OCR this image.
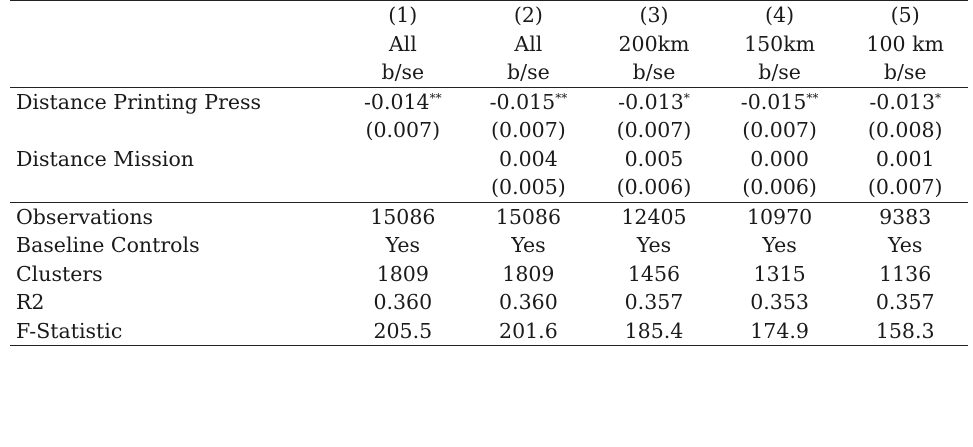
	(1)	(2)	(3)	(4)	(5)
	All	All	200km	150km	100 km
	b/se	b/se	b/se	b/se	b/se
Distance Printing Press	-0.014**	-0.015**	-0.013*	-0.015**	-0.013*
	(0.007)	(0.007)	(0.007)	(0.007)	(0.008)
Distance Mission		0.004	0.005	0.000	0.001
		(0.005)	(0.006)	(0.006)	(0.007)
Observations	15086	15086	12405	10970	9383
Baseline Controls	Yes	Yes	Yes	Yes	Yes
Clusters	1809	1809	1456	1315	1136
R2	0.360	0.360	0.357	0.353	0.357
F-Statistic	205.5	201.6	185.4	174.9	158.3
